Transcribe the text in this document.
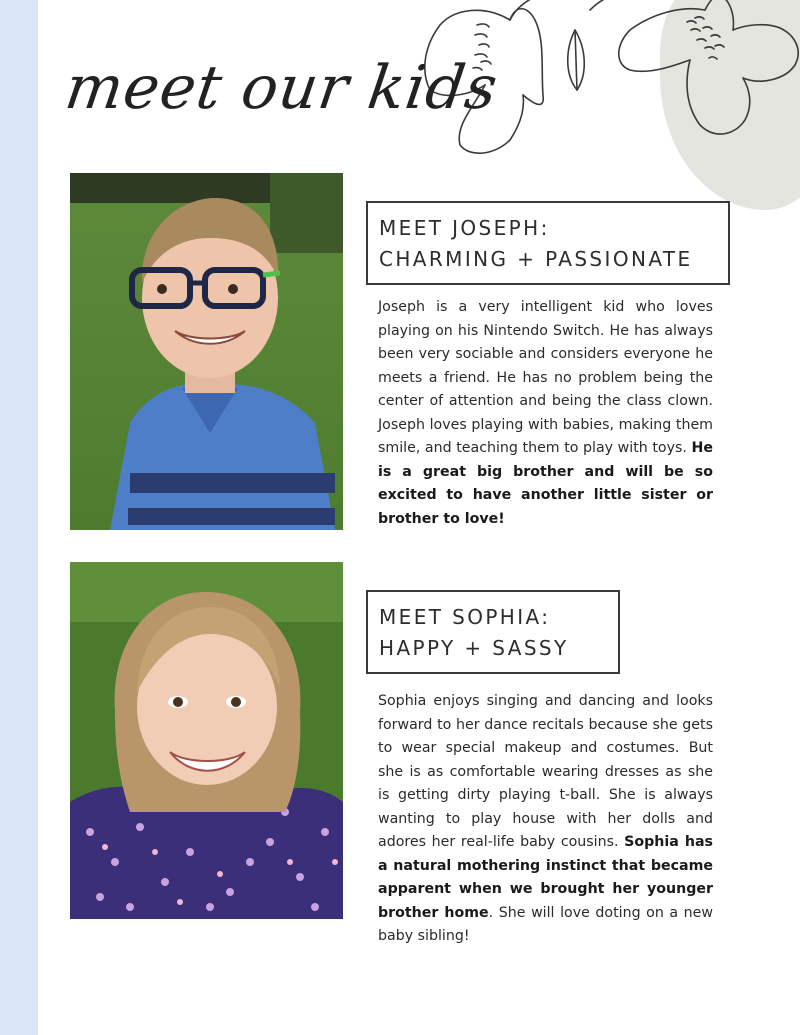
meet our kids
MEET JOSEPH:
CHARMING + PASSIONATE

Joseph is a very intelligent kid who loves playing on his Nintendo Switch. He has always been very sociable and considers everyone he meets a friend. He has no problem being the center of attention and being the class clown. Joseph loves playing with babies, making them smile, and teaching them to play with toys. He is a great big brother and will be so excited to have another little sister or brother to love!

MEET SOPHIA:
HAPPY + SASSY

Sophia enjoys singing and dancing and looks forward to her dance recitals because she gets to wear special makeup and costumes. But she is as comfortable wearing dresses as she is getting dirty playing t-ball. She is always wanting to play house with her dolls and adores her real-life baby cousins. Sophia has a natural mothering instinct that became apparent when we brought her younger brother home. She will love doting on a new baby sibling!
